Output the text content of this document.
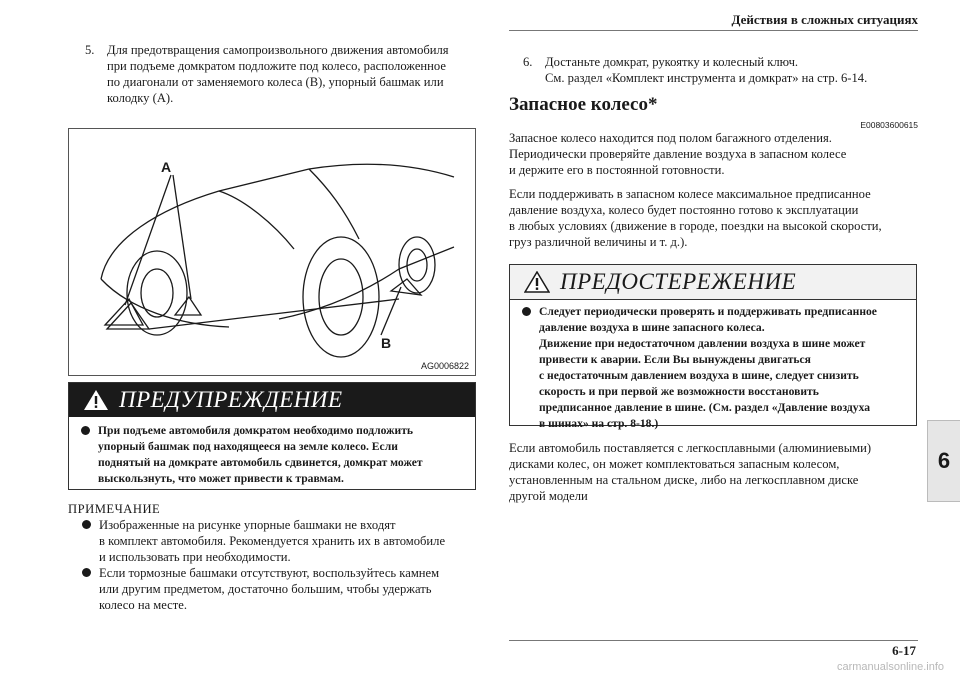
Действия в сложных ситуациях
6
5. Для предотвращения самопроизвольного движения автомобиля
при подъеме домкратом подложите под колесо, расположенное
по диагонали от заменяемого колеса (B), упорный башмак или
колодку (A).
A
B
AG0006822
ПРЕДУПРЕЖДЕНИЕ
При подъеме автомобиля домкратом необходимо подложить
упорный башмак под находящееся на земле колесо. Если
поднятый на домкрате автомобиль сдвинется, домкрат может
выскользнуть, что может привести к травмам.
ПРИМЕЧАНИЕ
Изображенные на рисунке упорные башмаки не входят
в комплект автомобиля. Рекомендуется хранить их в автомобиле
и использовать при необходимости.
Если тормозные башмаки отсутствуют, воспользуйтесь камнем
или другим предметом, достаточно большим, чтобы удержать
колесо на месте.
6. Достаньте домкрат, рукоятку и колесный ключ.
См. раздел «Комплект инструмента и домкрат» на стр. 6-14.
Запасное колесо*
E00803600615
Запасное колесо находится под полом багажного отделения.
Периодически проверяйте давление воздуха в запасном колесе
и держите его в постоянной готовности.
Если поддерживать в запасном колесе максимальное предписанное
давление воздуха, колесо будет постоянно готово к эксплуатации
в любых условиях (движение в городе, поездки на высокой скорости,
груз различной величины и т. д.).
ПРЕДОСТЕРЕЖЕНИЕ
Следует периодически проверять и поддерживать предписанное
давление воздуха в шине запасного колеса.
Движение при недостаточном давлении воздуха в шине может
привести к аварии. Если Вы вынуждены двигаться
с недостаточным давлением воздуха в шине, следует снизить
скорость и при первой же возможности восстановить
предписанное давление в шине. (См. раздел «Давление воздуха
в шинах» на стр. 8-18.)
Если автомобиль поставляется с легкосплавными (алюминиевыми)
дисками колес, он может комплектоваться запасным колесом,
установленным на стальном диске, либо на легкосплавном диске
другой модели
6-17
carmanualsonline.info
